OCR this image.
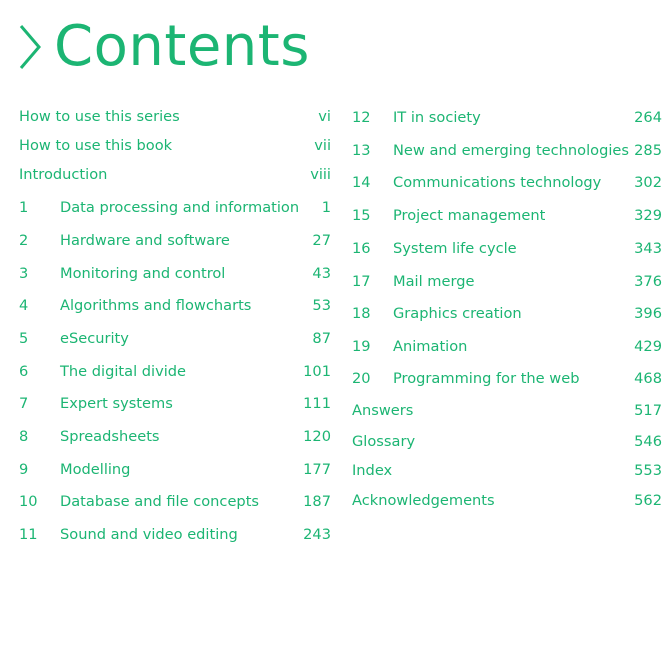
Contents
How to use this series	vi
How to use this book	vii
Introduction	viii
1 Data processing and information 1
2 Hardware and software	27
3 Monitoring and control	43
4 Algorithms and flowcharts	53
5 eSecurity	87
6 The digital divide	101
7 Expert systems	111
8 Spreadsheets	120
9 Modelling	177
10 Database and file concepts	187
11 Sound and video editing	243
12 IT in society	264
13 New and emerging technologies 285
14 Communications technology 302
15 Project management	329
16 System life cycle	343
17 Mail merge	376
18 Graphics creation	396
19 Animation	429
20 Programming for the web	468
Answers	517
Glossary	546
Index	553
Acknowledgements	562
